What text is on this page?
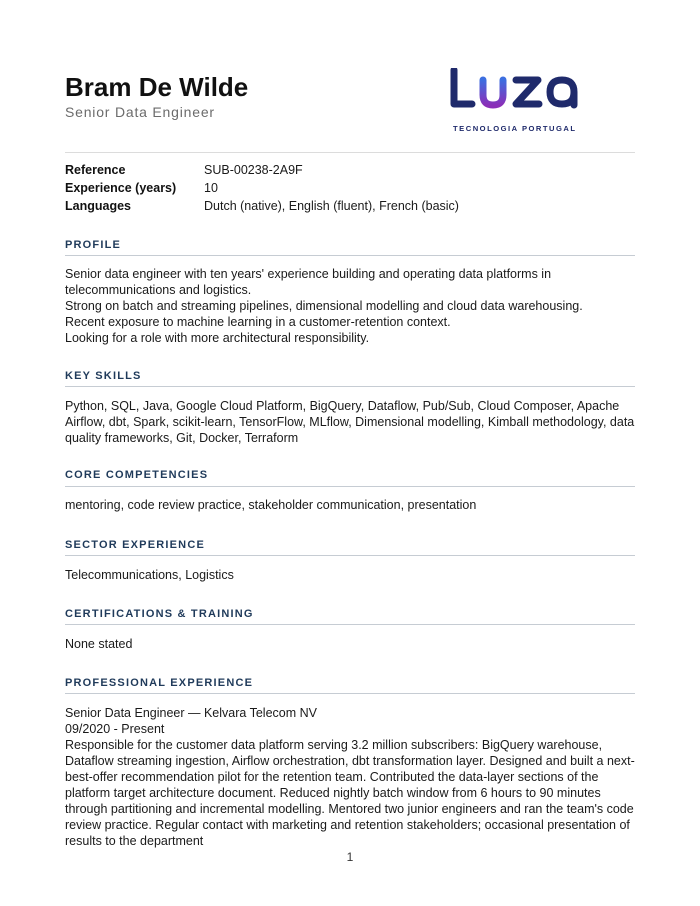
Bram De Wilde
Senior Data Engineer
TECNOLOGIA PORTUGAL
Reference	SUB-00238-2A9F
Experience (years) 10
Languages	Dutch (native), English (fluent), French (basic)
PROFILE

Senior data engineer with ten years' experience building and operating data platforms in telecommunications and logistics.

Strong on batch and streaming pipelines, dimensional modelling and cloud data warehousing.

Recent exposure to machine learning in a customer-retention context.

Looking for a role with more architectural responsibility.

KEY SKILLS
Python, SQL, Java, Google Cloud Platform, BigQuery, Dataflow, Pub/Sub, Cloud Composer, Apache Airflow, dbt, Spark, scikit-learn, TensorFlow, MLflow, Dimensional modelling, Kimball methodology, data quality frameworks, Git, Docker, Terraform
CORE COMPETENCIES
mentoring, code review practice, stakeholder communication, presentation
SECTOR EXPERIENCE
Telecommunications, Logistics
CERTIFICATIONS & TRAINING
None stated
PROFESSIONAL EXPERIENCE

Senior Data Engineer — Kelvara Telecom NV

09/2020 - Present

Responsible for the customer data platform serving 3.2 million subscribers: BigQuery warehouse, Dataflow streaming ingestion, Airflow orchestration, dbt transformation layer. Designed and built a next-best-offer recommendation pilot for the retention team. Contributed the data-layer sections of the platform target architecture document. Reduced nightly batch window from 6 hours to 90 minutes through partitioning and incremental modelling. Mentored two junior engineers and ran the team's code review practice. Regular contact with marketing and retention stakeholders; occasional presentation of results to the department

1
